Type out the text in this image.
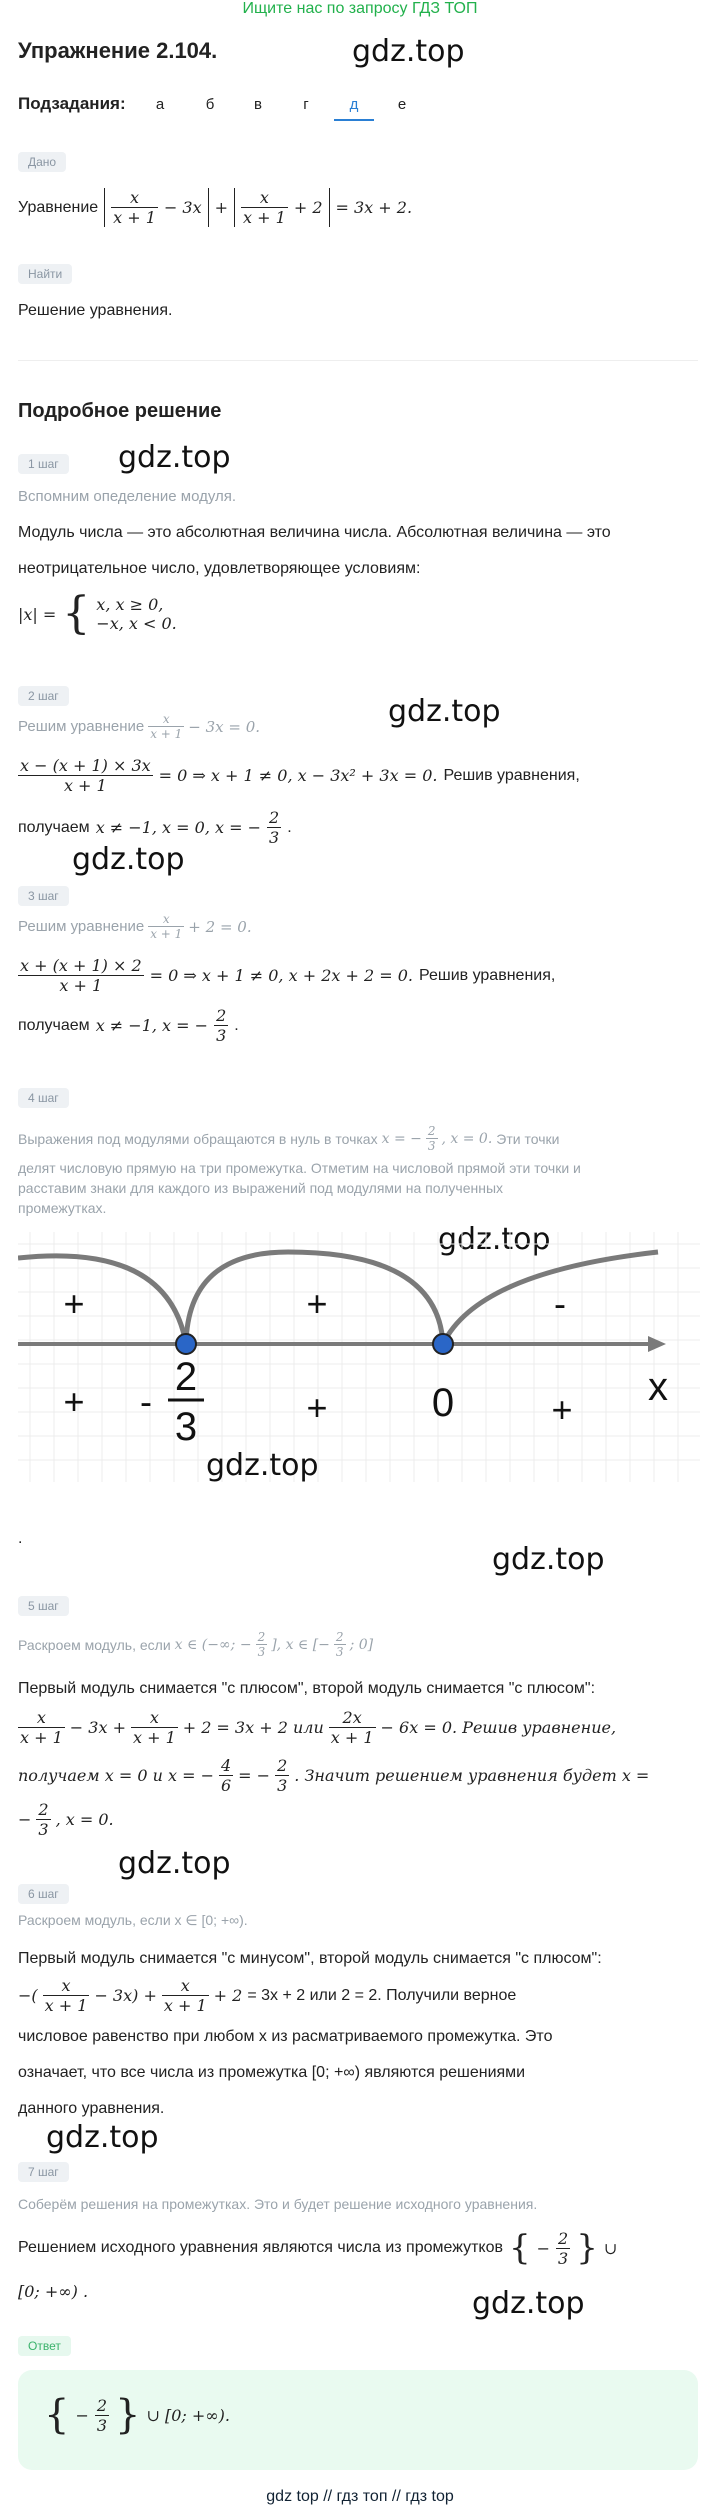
Ищите нас по запросу ГДЗ ТОП
Упражнение 2.104.	gdz.top
Подзадания:	а	б	в	г	д	е
Дано
Уравнение $\frac{x}{x + 1} - 3x + \frac{x}{x + 1} + 2 = 3x + 2$.
Найти
Решение уравнения.
Подробное решение
1 шаг	gdz.top
Вспомним опеделение модуля.
Модуль числа — это абсолютная величина числа. Абсолютная величина — это
неотрицательное число, удовлетворяющее условиям:
|x| = { x, x ≥ 0,
−x, x < 0.
2 шаг	gdz.top
Решим уравнение $\frac{x}{x + 1} - 3x = 0$.
$\frac{x - (x + 1) \times 3x}{x + 1} = 0$ ⇒ x + 1 ≠ 0, x − 3x² + 3x = 0. Решив уравнения,
получаем x ≠ −1, x = 0, x = − $\frac{2}{3}$ .
gdz.top
3 шаг
Решим уравнение $\frac{x}{x + 1} + 2 = 0$.
$\frac{x + (x + 1) \times 2}{x + 1} = 0$ ⇒ x + 1 ≠ 0, x + 2x + 2 = 0. Решив уравнения,
получаем x ≠ −1, x = − $\frac{2}{3}$ .
4 шаг
Выражения под модулями обращаются в нуль в точках x = − $\frac{2}{3}$ , x = 0. Эти точки
делят числовую прямую на три промежутка. Отметим на числовой прямой эти точки и
расставим знаки для каждого из выражений под модулями на полученных
промежутках.
gdz.top
+	+	-
+ -	+	+
2
3
0	x
gdz.top
.
gdz.top
5 шаг
Раскроем модуль, если x ∈ (−∞; − $\frac{2}{3}$ ], x ∈ [− $\frac{2}{3}$ ; 0]
Первый модуль снимается "с плюсом", второй модуль снимается "с плюсом":
$\frac{x}{x + 1} - 3x + \frac{x}{x + 1} + 2 = 3x + 2$ или $\frac{2x}{x + 1} - 6x = 0$. Решив уравнение,
получаем x = 0 и x = − $\frac{4}{6}$ = − $\frac{2}{3}$ . Значит решением уравнения будет x =
− $\frac{2}{3}$ , x = 0.
gdz.top
6 шаг
Раскроем модуль, если x ∈ [0; +∞).
Первый модуль снимается "с минусом", второй модуль снимается "с плюсом":
−( $\frac{x}{x + 1} - 3x) + \frac{x}{x + 1} + 2 = 3x + 2$ или 2 = 2. Получили верное
числовое равенство при любом x из расматриваемого промежутка. Это
означает, что все числа из промежутка [0; +∞) являются решениями
данного уравнения.
gdz.top
7 шаг
Соберём решения на промежутках. Это и будет решение исходного уравнения.
Решением исходного уравнения являются числа из промежутков { − $\frac{2}{3}$ } ∪
[0; +∞) .	gdz.top
Ответ
{ − $\frac{2}{3}$ } ∪ [0; +∞).
gdz top // гдз топ // гдз top
